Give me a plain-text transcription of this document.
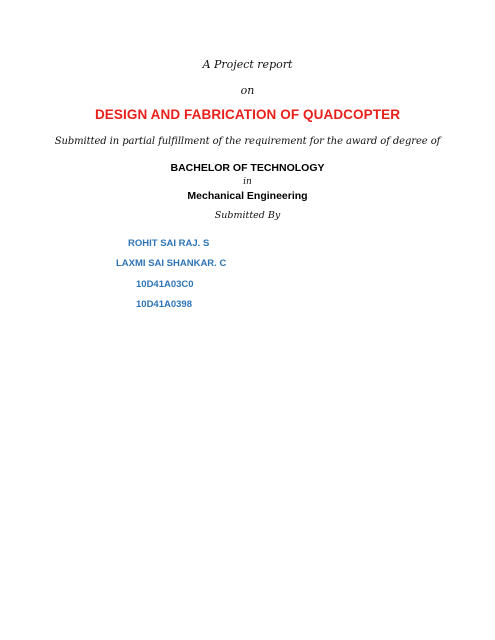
A Project report
on
DESIGN AND FABRICATION OF QUADCOPTER
Submitted in partial fulfillment of the requirement for the award of degree of
BACHELOR OF TECHNOLOGY
in
Mechanical Engineering
Submitted By
ROHIT SAI RAJ. S
LAXMI SAI SHANKAR. C
10D41A03C0
10D41A0398
